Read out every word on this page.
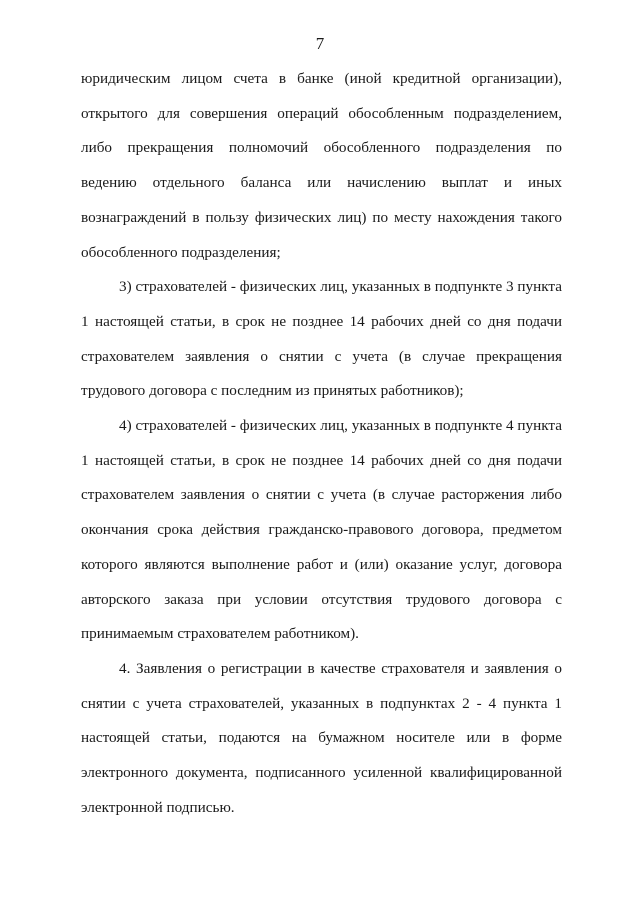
7

юридическим лицом счета в банке (иной кредитной организации), открытого для совершения операций обособленным подразделением, либо прекращения полномочий обособленного подразделения по ведению отдельного баланса или начислению выплат и иных вознаграждений в пользу физических лиц) по месту нахождения такого обособленного подразделения;

3) страхователей - физических лиц, указанных в подпункте 3 пункта 1 настоящей статьи, в срок не позднее 14 рабочих дней со дня подачи страхователем заявления о снятии с учета (в случае прекращения трудового договора с последним из принятых работников);

4) страхователей - физических лиц, указанных в подпункте 4 пункта 1 настоящей статьи, в срок не позднее 14 рабочих дней со дня подачи страхователем заявления о снятии с учета (в случае расторжения либо окончания срока действия гражданско-правового договора, предметом которого являются выполнение работ и (или) оказание услуг, договора авторского заказа при условии отсутствия трудового договора с принимаемым страхователем работником).

4. Заявления о регистрации в качестве страхователя и заявления о снятии с учета страхователей, указанных в подпунктах 2 - 4 пункта 1 настоящей статьи, подаются на бумажном носителе или в форме электронного документа, подписанного усиленной квалифицированной электронной подписью.
